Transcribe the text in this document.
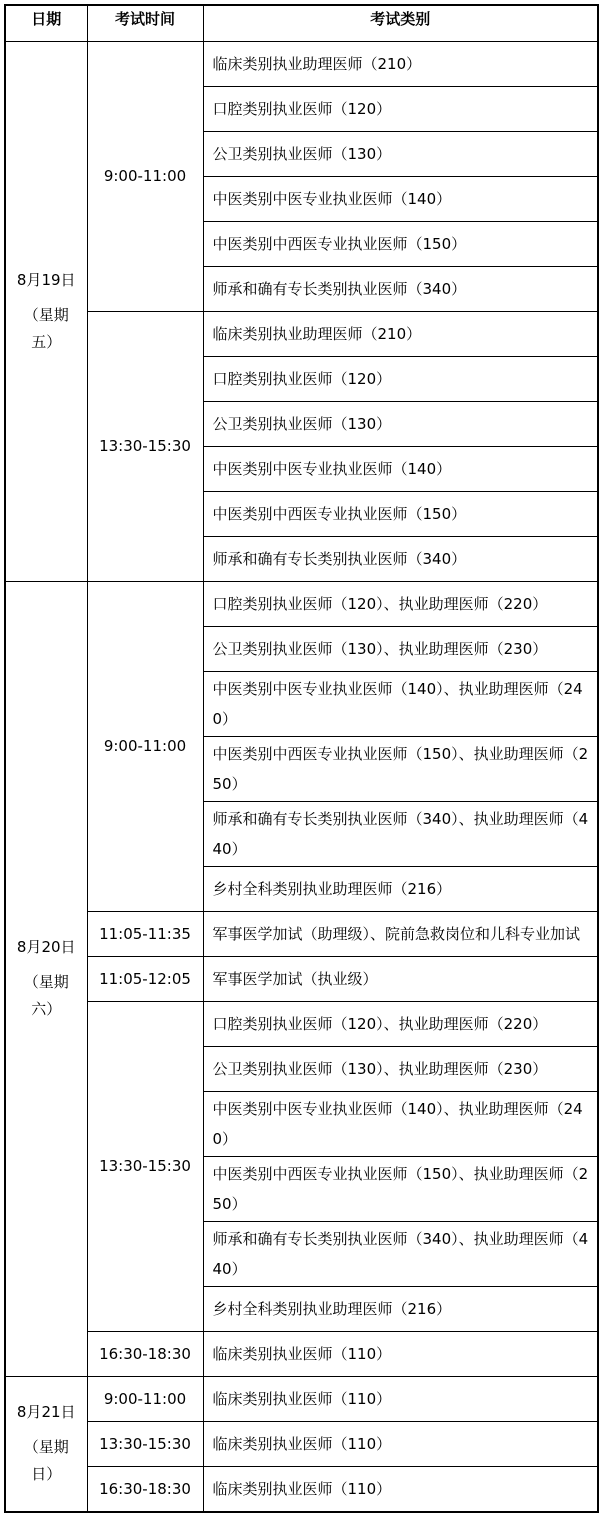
日期	考试时间	考试类别

8月19日
（星期
五）	9:00-11:00	临床类别执业助理医师（210）
		口腔类别执业医师（120）
		公卫类别执业医师（130）
		中医类别中医专业执业医师（140）
		中医类别中西医专业执业医师（150）
		师承和确有专长类别执业医师（340）
	13:30-15:30	临床类别执业助理医师（210）
		口腔类别执业医师（120）
		公卫类别执业医师（130）
		中医类别中医专业执业医师（140）
		中医类别中西医专业执业医师（150）
		师承和确有专长类别执业医师（340）

8月20日
（星期
六）	9:00-11:00	口腔类别执业医师（120）、执业助理医师（220）
		公卫类别执业医师（130）、执业助理医师（230）
		中医类别中医专业执业医师（140）、执业助理医师（240）
		中医类别中西医专业执业医师（150）、执业助理医师（250）
		师承和确有专长类别执业医师（340）、执业助理医师（440）
		乡村全科类别执业助理医师（216）
	11:05-11:35	军事医学加试（助理级）、院前急救岗位和儿科专业加试
	11:05-12:05	军事医学加试（执业级）
	13:30-15:30	口腔类别执业医师（120）、执业助理医师（220）
		公卫类别执业医师（130）、执业助理医师（230）
		中医类别中医专业执业医师（140）、执业助理医师（240）
		中医类别中西医专业执业医师（150）、执业助理医师（250）
		师承和确有专长类别执业医师（340）、执业助理医师（440）
		乡村全科类别执业助理医师（216）
	16:30-18:30	临床类别执业医师（110）

8月21日
（星期
日）	9:00-11:00	临床类别执业医师（110）
	13:30-15:30	临床类别执业医师（110）
	16:30-18:30	临床类别执业医师（110）
